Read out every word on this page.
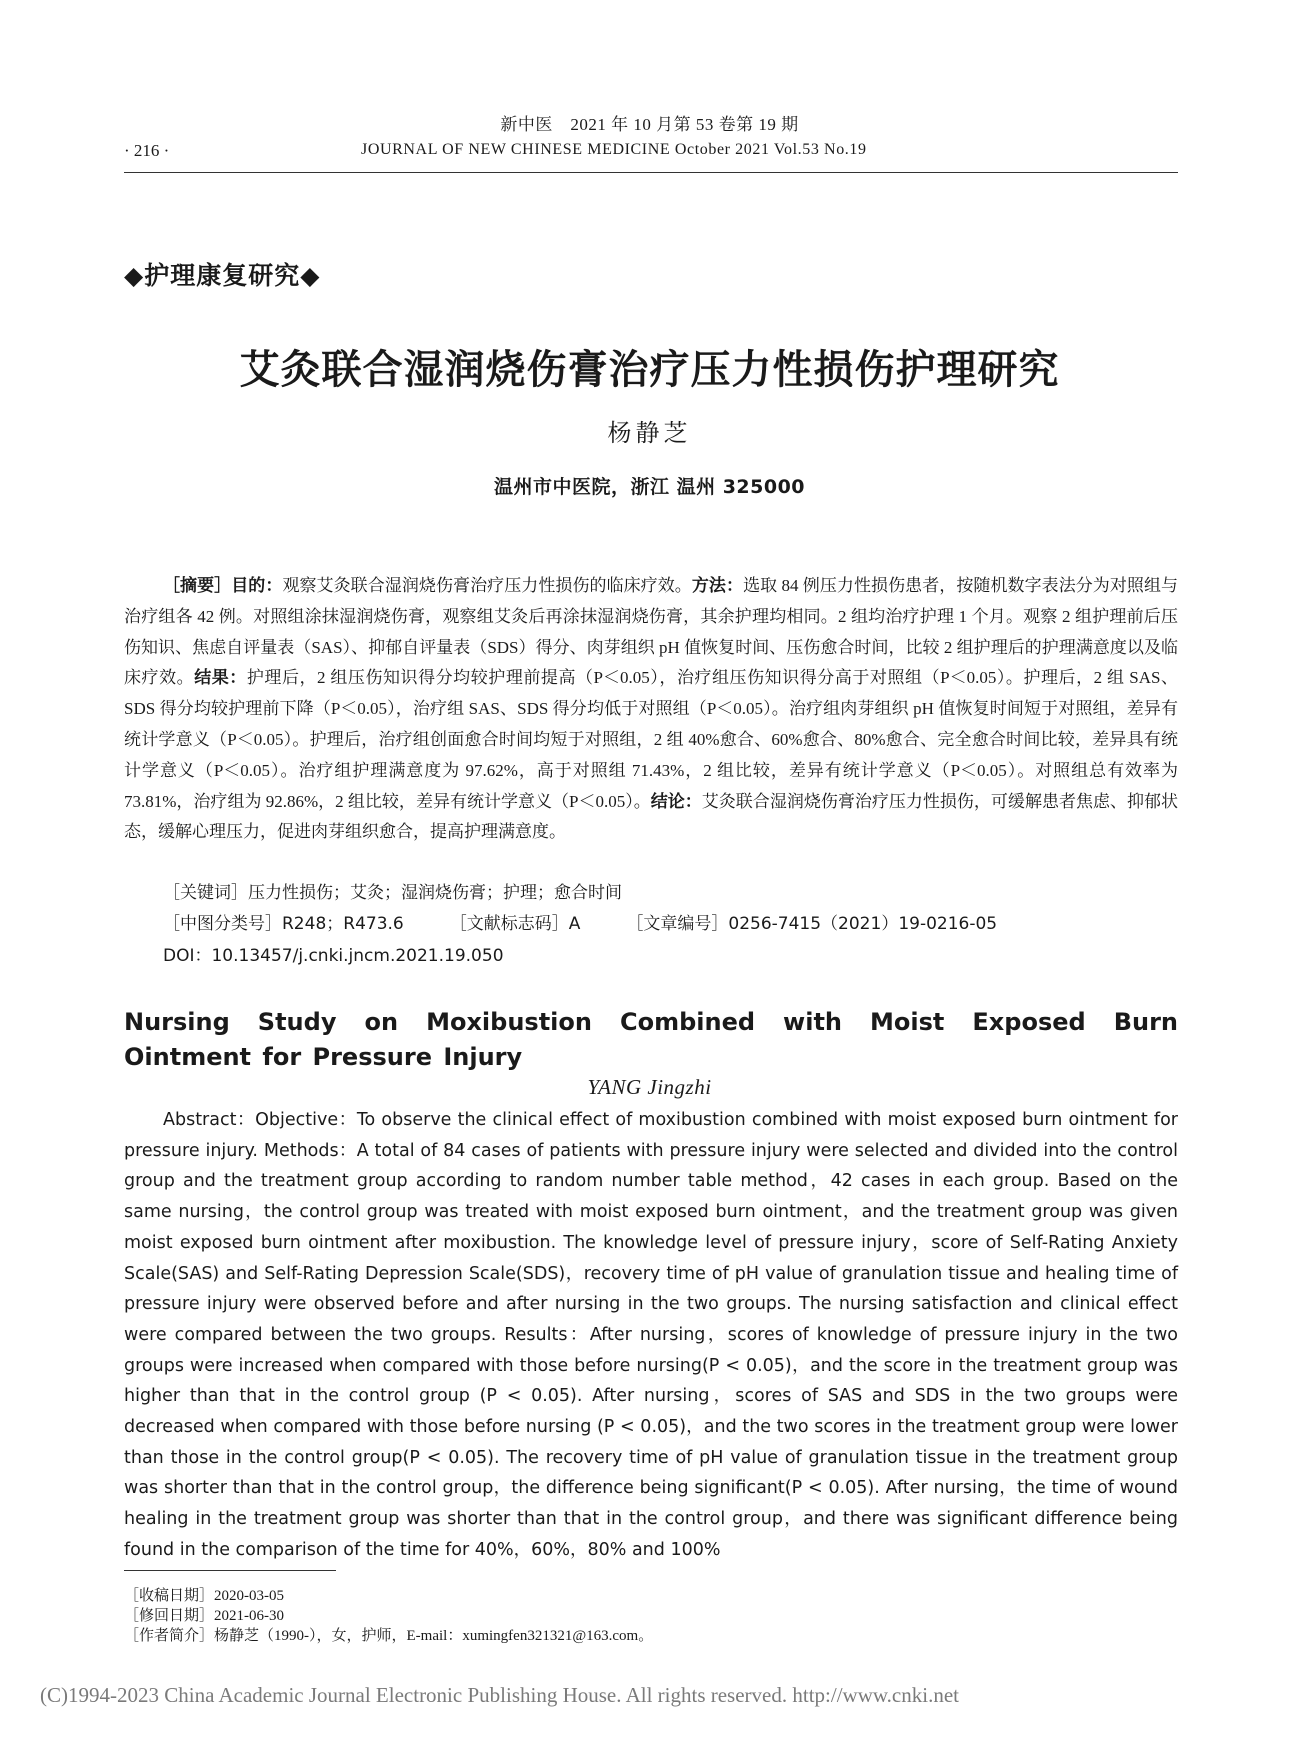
新中医　2021 年 10 月第 53 卷第 19 期
· 216 ·	JOURNAL OF NEW CHINESE MEDICINE October 2021 Vol.53 No.19
◆护理康复研究◆
艾灸联合湿润烧伤膏治疗压力性损伤护理研究
杨静芝
温州市中医院，浙江 温州 325000

［摘要］目的：观察艾灸联合湿润烧伤膏治疗压力性损伤的临床疗效。方法：选取 84 例压力性损伤患者，按随机数字表法分为对照组与治疗组各 42 例。对照组涂抹湿润烧伤膏，观察组艾灸后再涂抹湿润烧伤膏，其余护理均相同。2 组均治疗护理 1 个月。观察 2 组护理前后压伤知识、焦虑自评量表（SAS）、抑郁自评量表（SDS）得分、肉芽组织 pH 值恢复时间、压伤愈合时间，比较 2 组护理后的护理满意度以及临床疗效。结果：护理后，2 组压伤知识得分均较护理前提高（P＜0.05），治疗组压伤知识得分高于对照组（P＜0.05）。护理后，2 组 SAS、SDS 得分均较护理前下降（P＜0.05），治疗组 SAS、SDS 得分均低于对照组（P＜0.05）。治疗组肉芽组织 pH 值恢复时间短于对照组，差异有统计学意义（P＜0.05）。护理后，治疗组创面愈合时间均短于对照组，2 组 40%愈合、60%愈合、80%愈合、完全愈合时间比较，差异具有统计学意义（P＜0.05）。治疗组护理满意度为 97.62%，高于对照组 71.43%，2 组比较，差异有统计学意义（P＜0.05）。对照组总有效率为 73.81%，治疗组为 92.86%，2 组比较，差异有统计学意义（P＜0.05）。结论：艾灸联合湿润烧伤膏治疗压力性损伤，可缓解患者焦虑、抑郁状态，缓解心理压力，促进肉芽组织愈合，提高护理满意度。

［关键词］压力性损伤；艾灸；湿润烧伤膏；护理；愈合时间
［中图分类号］R248；R473.6	［文献标志码］A	［文章编号］0256-7415（2021）19-0216-05
DOI：10.13457/j.cnki.jncm.2021.19.050

Nursing Study on Moxibustion Combined with Moist Exposed Burn Ointment for Pressure Injury

YANG Jingzhi

Abstract：Objective：To observe the clinical effect of moxibustion combined with moist exposed burn ointment for pressure injury. Methods：A total of 84 cases of patients with pressure injury were selected and divided into the control group and the treatment group according to random number table method，42 cases in each group. Based on the same nursing，the control group was treated with moist exposed burn ointment，and the treatment group was given moist exposed burn ointment after moxibustion. The knowledge level of pressure injury，score of Self-Rating Anxiety Scale(SAS) and Self-Rating Depression Scale(SDS)，recovery time of pH value of granulation tissue and healing time of pressure injury were observed before and after nursing in the two groups. The nursing satisfaction and clinical effect were compared between the two groups. Results：After nursing，scores of knowledge of pressure injury in the two groups were increased when compared with those before nursing(P < 0.05)，and the score in the treatment group was higher than that in the control group (P < 0.05). After nursing，scores of SAS and SDS in the two groups were decreased when compared with those before nursing (P < 0.05)，and the two scores in the treatment group were lower than those in the control group(P < 0.05). The recovery time of pH value of granulation tissue in the treatment group was shorter than that in the control group，the difference being significant(P < 0.05). After nursing，the time of wound healing in the treatment group was shorter than that in the control group，and there was significant difference being found in the comparison of the time for 40%，60%，80% and 100%

［收稿日期］2020-03-05
［修回日期］2021-06-30
［作者简介］杨静芝（1990-），女，护师，E-mail：xumingfen321321@163.com。
(C)1994-2023 China Academic Journal Electronic Publishing House. All rights reserved. http://www.cnki.net
